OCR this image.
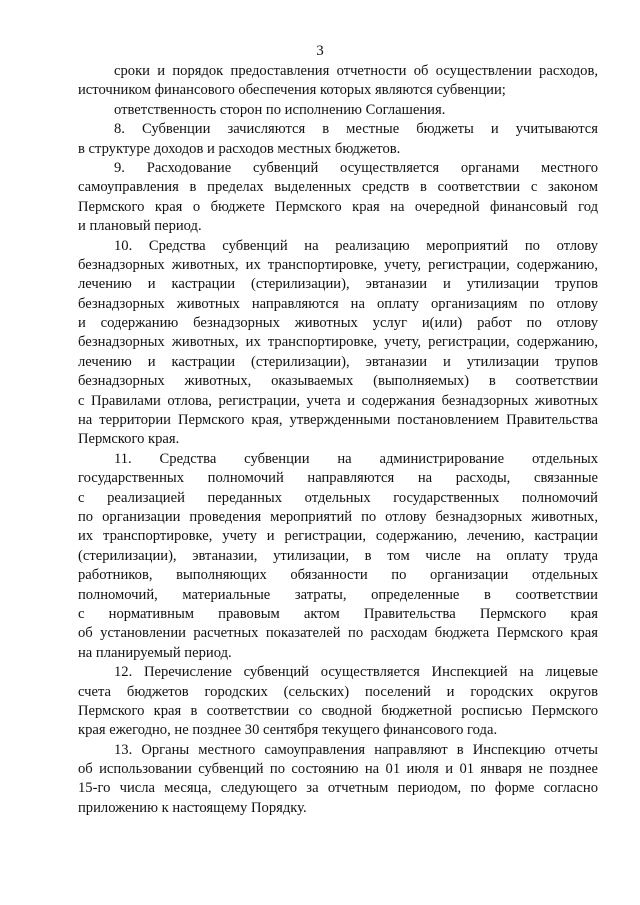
3
сроки и порядок предоставления отчетности об осуществлении расходов,
источником финансового обеспечения которых являются субвенции;
ответственность сторон по исполнению Соглашения.
8. Субвенции зачисляются в местные бюджеты и учитываются
в структуре доходов и расходов местных бюджетов.
9. Расходование субвенций осуществляется органами местного
самоуправления в пределах выделенных средств в соответствии с законом
Пермского края о бюджете Пермского края на очередной финансовый год
и плановый период.
10. Средства субвенций на реализацию мероприятий по отлову
безнадзорных животных, их транспортировке, учету, регистрации, содержанию,
лечению и кастрации (стерилизации), эвтаназии и утилизации трупов
безнадзорных животных направляются на оплату организациям по отлову
и содержанию безнадзорных животных услуг и(или) работ по отлову
безнадзорных животных, их транспортировке, учету, регистрации, содержанию,
лечению и кастрации (стерилизации), эвтаназии и утилизации трупов
безнадзорных животных, оказываемых (выполняемых) в соответствии
с Правилами отлова, регистрации, учета и содержания безнадзорных животных
на территории Пермского края, утвержденными постановлением Правительства
Пермского края.
11. Средства субвенции на администрирование отдельных
государственных полномочий направляются на расходы, связанные
с реализацией переданных отдельных государственных полномочий
по организации проведения мероприятий по отлову безнадзорных животных,
их транспортировке, учету и регистрации, содержанию, лечению, кастрации
(стерилизации), эвтаназии, утилизации, в том числе на оплату труда
работников, выполняющих обязанности по организации отдельных
полномочий, материальные затраты, определенные в соответствии
с нормативным правовым актом Правительства Пермского края
об установлении расчетных показателей по расходам бюджета Пермского края
на планируемый период.
12. Перечисление субвенций осуществляется Инспекцией на лицевые
счета бюджетов городских (сельских) поселений и городских округов
Пермского края в соответствии со сводной бюджетной росписью Пермского
края ежегодно, не позднее 30 сентября текущего финансового года.
13. Органы местного самоуправления направляют в Инспекцию отчеты
об использовании субвенций по состоянию на 01 июля и 01 января не позднее
15-го числа месяца, следующего за отчетным периодом, по форме согласно
приложению к настоящему Порядку.
